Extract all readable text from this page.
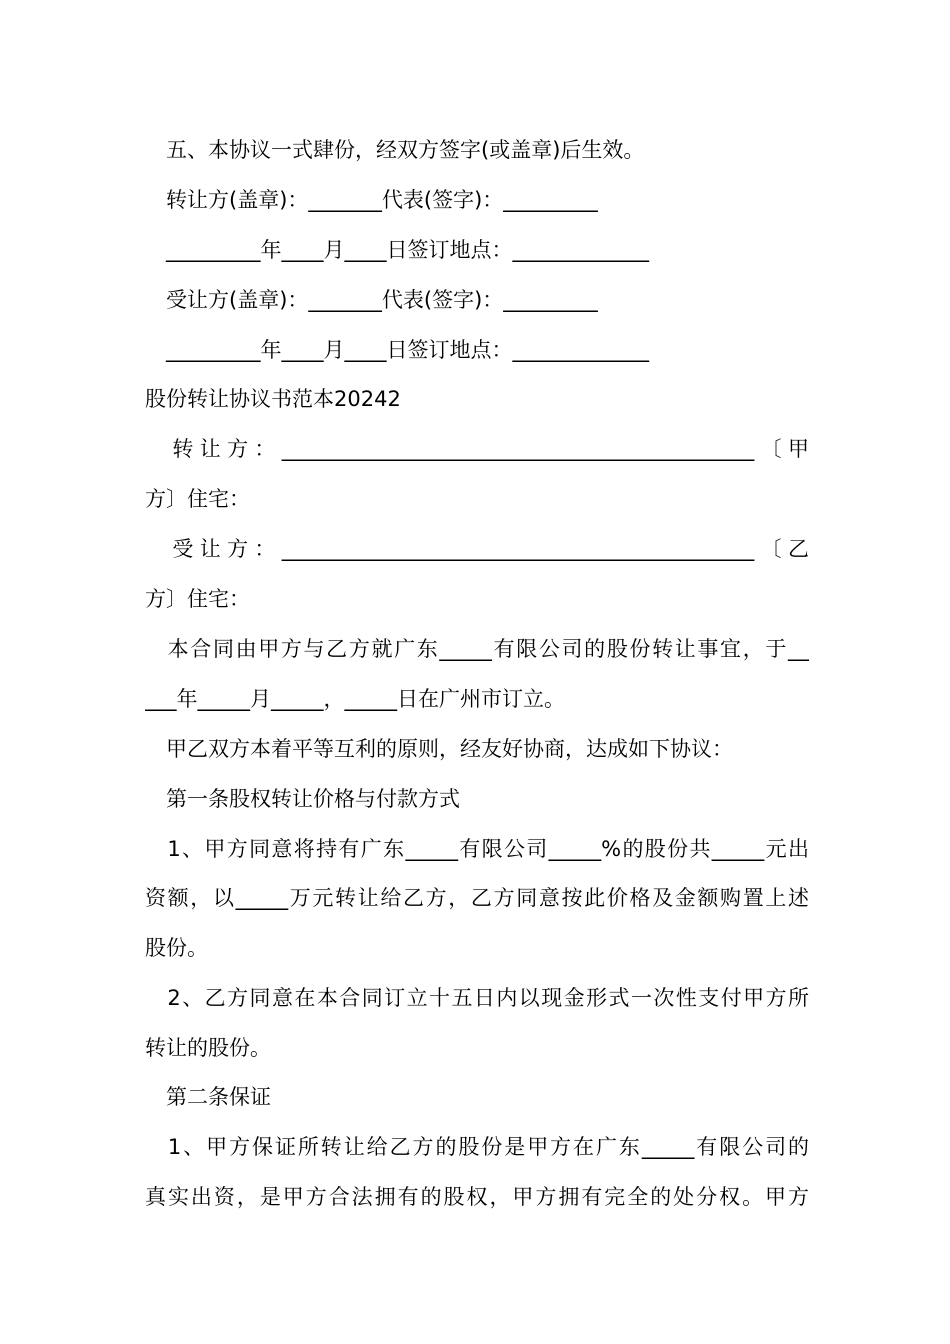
　五、本协议一式肆份，经双方签字(或盖章)后生效。
　转让方(盖章)：_______代表(签字)：_________
　_________年____月____日签订地点：_____________
　受让方(盖章)：_______代表(签字)：_________
　_________年____月____日签订地点：_____________
股份转让协议书范本20242
　转让方：_____________________________________________〔甲
方〕住宅：
　受让方：_____________________________________________〔乙
方〕住宅：
　本合同由甲方与乙方就广东_____有限公司的股份转让事宜，于__
___年_____月_____，_____日在广州市订立。
　甲乙双方本着平等互利的原则，经友好协商，达成如下协议：
　第一条股权转让价格与付款方式
　1、甲方同意将持有广东_____有限公司_____%的股份共_____元出
资额，以_____万元转让给乙方，乙方同意按此价格及金额购置上述
股份。
　2、乙方同意在本合同订立十五日内以现金形式一次性支付甲方所
转让的股份。
　第二条保证
　1、甲方保证所转让给乙方的股份是甲方在广东_____有限公司的
真实出资，是甲方合法拥有的股权，甲方拥有完全的处分权。甲方
